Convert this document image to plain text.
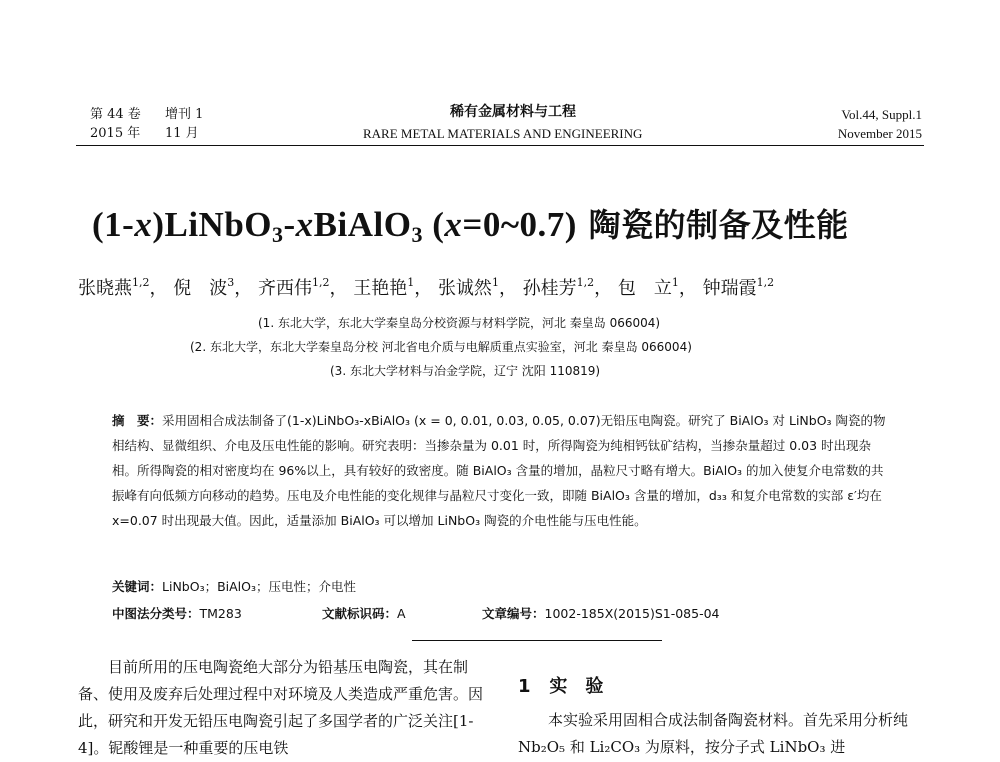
第 44 卷 增刊 1
2015 年 11 月
稀有金属材料与工程
RARE METAL MATERIALS AND ENGINEERING
Vol.44, Suppl.1
November 2015
(1-x)LiNbO$_3$-xBiAlO$_3$ (x=0~0.7) 陶瓷的制备及性能
张晓燕$^{1,2}$， 倪　波$^3$， 齐西伟$^{1,2}$， 王艳艳$^1$， 张诚然$^1$， 孙桂芳$^{1,2}$， 包　立$^1$， 钟瑞霞$^{1,2}$
(1. 东北大学，东北大学秦皇岛分校资源与材料学院，河北 秦皇岛 066004)
(2. 东北大学，东北大学秦皇岛分校 河北省电介质与电解质重点实验室，河北 秦皇岛 066004)
(3. 东北大学材料与冶金学院，辽宁 沈阳 110819)
摘　要：采用固相合成法制备了(1-x)LiNbO₃-xBiAlO₃ (x = 0, 0.01, 0.03, 0.05, 0.07)无铅压电陶瓷。研究了 BiAlO₃ 对 LiNbO₃ 陶瓷的物相结构、显微组织、介电及压电性能的影响。研究表明：当掺杂量为 0.01 时，所得陶瓷为纯相钙钛矿结构，当掺杂量超过 0.03 时出现杂相。所得陶瓷的相对密度均在 96%以上，具有较好的致密度。随 BiAlO₃ 含量的增加，晶粒尺寸略有增大。BiAlO₃ 的加入使复介电常数的共振峰有向低频方向移动的趋势。压电及介电性能的变化规律与晶粒尺寸变化一致，即随 BiAlO₃ 含量的增加，d₃₃ 和复介电常数的实部 ε′均在 x=0.07 时出现最大值。因此，适量添加 BiAlO₃ 可以增加 LiNbO₃ 陶瓷的介电性能与压电性能。
关键词：LiNbO₃；BiAlO₃；压电性；介电性
中图法分类号：TM283	文献标识码：A	文章编号：1002-185X(2015)S1-085-04
目前所用的压电陶瓷绝大部分为铅基压电陶瓷，其在制备、使用及废弃后处理过程中对环境及人类造成严重危害。因此，研究和开发无铅压电陶瓷引起了多国学者的广泛关注[1-4]。铌酸锂是一种重要的压电铁
1 实　验
本实验采用固相合成法制备陶瓷材料。首先采用分析纯 Nb₂O₅ 和 Li₂CO₃ 为原料，按分子式 LiNbO₃ 进
